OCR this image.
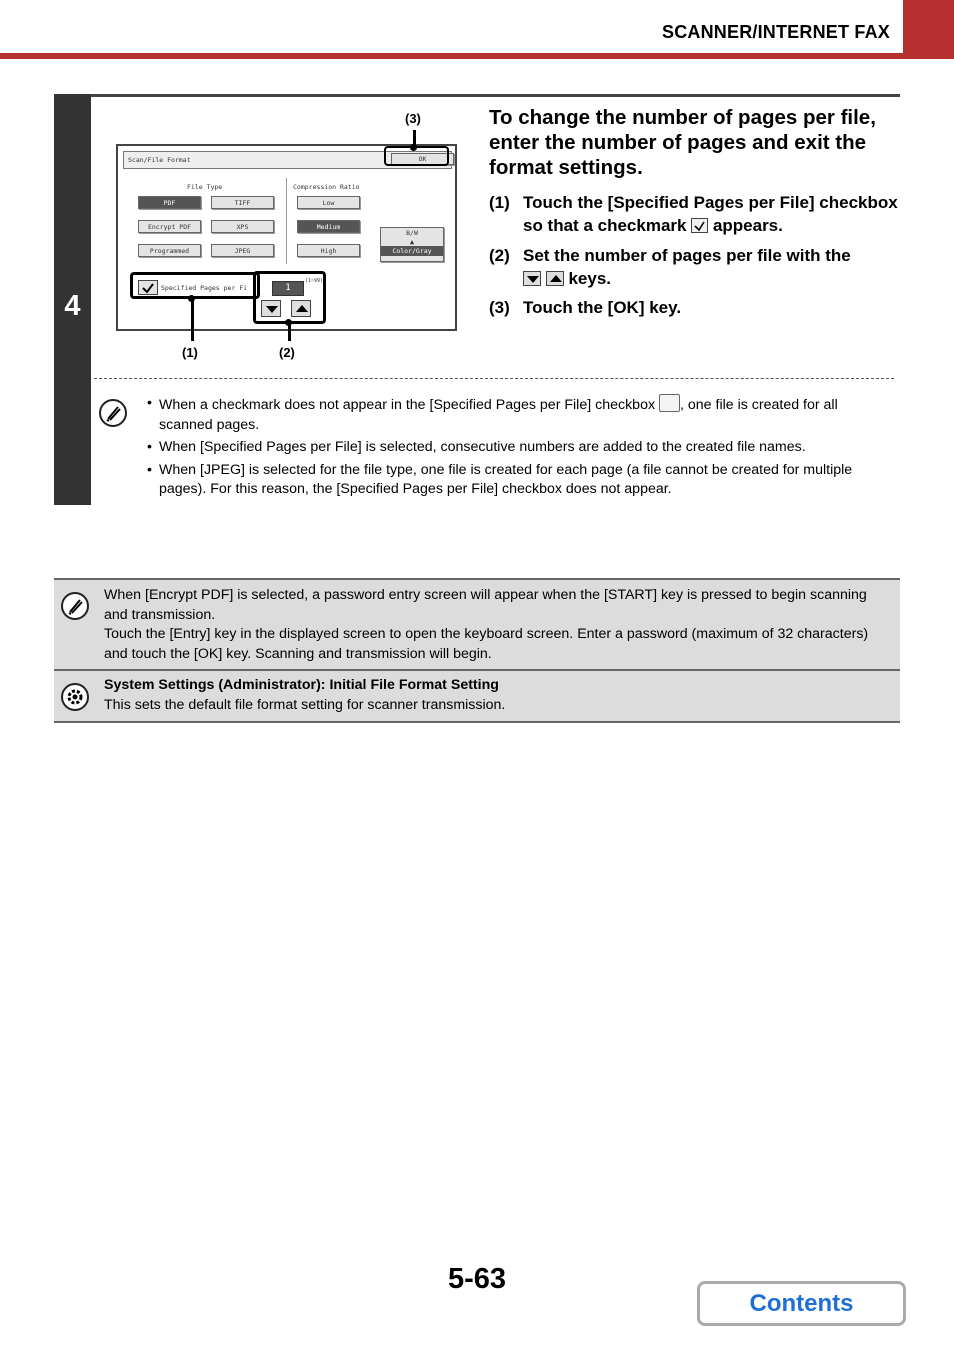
SCANNER/INTERNET FAX
4
Scan/File Format	OK
File Type
PDF	TIFF
Encrypt PDF	XPS
Programmed	JPEG
Compression Ratio
Low
Medium
High
B/W
▲

Color/Gray
Specified Pages per Fi	1
(1~99)
(1)	(2)
(3)	To change the number of pages per file, enter the number of pages and exit the format settings.
(1) Touch the [Specified Pages per File] checkbox so that a checkmark appears.
(2) Set the number of pages per file with the

keys.
(3) Touch the [OK] key.
• When a checkmark does not appear in the [Specified Pages per File] checkbox , one file is created for all scanned pages.
• When [Specified Pages per File] is selected, consecutive numbers are added to the created file names.
• When [JPEG] is selected for the file type, one file is created for each page (a file cannot be created for multiple pages). For this reason, the [Specified Pages per File] checkbox does not appear.
When [Encrypt PDF] is selected, a password entry screen will appear when the [START] key is pressed to begin scanning and transmission.
Touch the [Entry] key in the displayed screen to open the keyboard screen. Enter a password (maximum of 32 characters) and touch the [OK] key. Scanning and transmission will begin.
System Settings (Administrator): Initial File Format Setting
This sets the default file format setting for scanner transmission.
5-63
Contents
